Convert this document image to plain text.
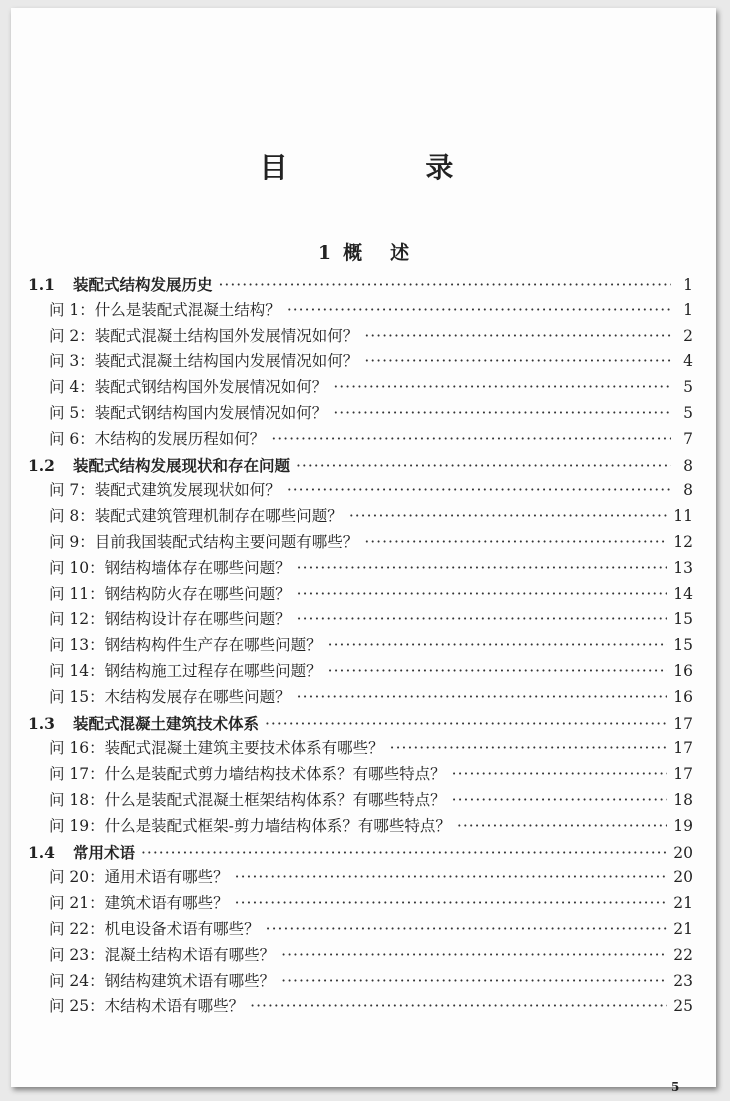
目 录
1 概 述
1.1 装配式结构发展历史 ·····	1
问 1： 什么是装配式混凝土结构？ ·····	1
问 2： 装配式混凝土结构国外发展情况如何？ ·····	2
问 3： 装配式混凝土结构国内发展情况如何？ ·····	4
问 4： 装配式钢结构国外发展情况如何？ ·····	5
问 5： 装配式钢结构国内发展情况如何？ ·····	5
问 6： 木结构的发展历程如何？ ·····	7
1.2 装配式结构发展现状和存在问题 ·····	8
问 7： 装配式建筑发展现状如何？ ·····	8
问 8： 装配式建筑管理机制存在哪些问题？ ·····	11
问 9： 目前我国装配式结构主要问题有哪些？ ·····	12
问 10： 钢结构墙体存在哪些问题？ ·····	13
问 11： 钢结构防火存在哪些问题？ ·····	14
问 12： 钢结构设计存在哪些问题？ ·····	15
问 13： 钢结构构件生产存在哪些问题？ ·····	15
问 14： 钢结构施工过程存在哪些问题？ ·····	16
问 15： 木结构发展存在哪些问题？ ·····	16
1.3 装配式混凝土建筑技术体系 ·····	17
问 16： 装配式混凝土建筑主要技术体系有哪些？ ·····	17
问 17： 什么是装配式剪力墙结构技术体系？有哪些特点？ ·····	17
问 18： 什么是装配式混凝土框架结构体系？有哪些特点？ ·····	18
问 19： 什么是装配式框架-剪力墙结构体系？有哪些特点？ ·····	19
1.4 常用术语 ·····	20
问 20： 通用术语有哪些？ ·····	20
问 21： 建筑术语有哪些？ ·····	21
问 22： 机电设备术语有哪些？ ·····	21
问 23： 混凝土结构术语有哪些？ ·····	22
问 24： 钢结构建筑术语有哪些？ ·····	23
问 25： 木结构术语有哪些？ ·····	25
5
